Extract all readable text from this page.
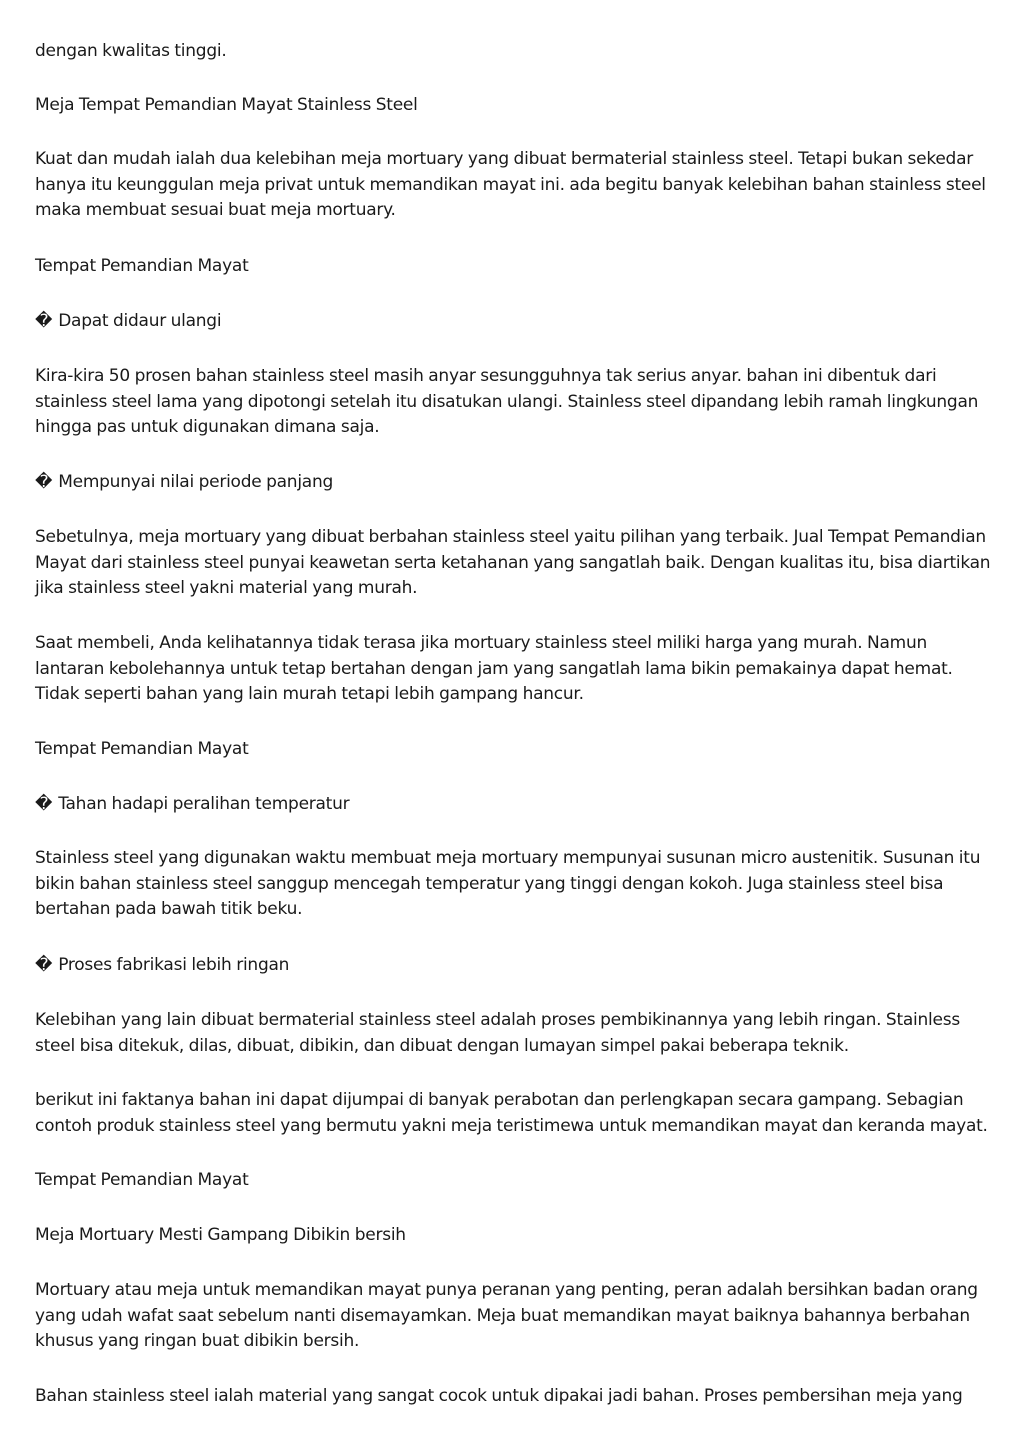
dengan kwalitas tinggi.

Meja Tempat Pemandian Mayat Stainless Steel

Kuat dan mudah ialah dua kelebihan meja mortuary yang dibuat bermaterial stainless steel. Tetapi bukan sekedar hanya itu keunggulan meja privat untuk memandikan mayat ini. ada begitu banyak kelebihan bahan stainless steel maka membuat sesuai buat meja mortuary.

Tempat Pemandian Mayat

� Dapat didaur ulangi

Kira-kira 50 prosen bahan stainless steel masih anyar sesungguhnya tak serius anyar. bahan ini dibentuk dari stainless steel lama yang dipotongi setelah itu disatukan ulangi. Stainless steel dipandang lebih ramah lingkungan hingga pas untuk digunakan dimana saja.

� Mempunyai nilai periode panjang

Sebetulnya, meja mortuary yang dibuat berbahan stainless steel yaitu pilihan yang terbaik. Jual Tempat Pemandian Mayat dari stainless steel punyai keawetan serta ketahanan yang sangatlah baik. Dengan kualitas itu, bisa diartikan jika stainless steel yakni material yang murah.

Saat membeli, Anda kelihatannya tidak terasa jika mortuary stainless steel miliki harga yang murah. Namun lantaran kebolehannya untuk tetap bertahan dengan jam yang sangatlah lama bikin pemakainya dapat hemat. Tidak seperti bahan yang lain murah tetapi lebih gampang hancur.

Tempat Pemandian Mayat

� Tahan hadapi peralihan temperatur

Stainless steel yang digunakan waktu membuat meja mortuary mempunyai susunan micro austenitik. Susunan itu bikin bahan stainless steel sanggup mencegah temperatur yang tinggi dengan kokoh. Juga stainless steel bisa bertahan pada bawah titik beku.

� Proses fabrikasi lebih ringan

Kelebihan yang lain dibuat bermaterial stainless steel adalah proses pembikinannya yang lebih ringan. Stainless steel bisa ditekuk, dilas, dibuat, dibikin, dan dibuat dengan lumayan simpel pakai beberapa teknik.

berikut ini faktanya bahan ini dapat dijumpai di banyak perabotan dan perlengkapan secara gampang. Sebagian contoh produk stainless steel yang bermutu yakni meja teristimewa untuk memandikan mayat dan keranda mayat.

Tempat Pemandian Mayat

Meja Mortuary Mesti Gampang Dibikin bersih

Mortuary atau meja untuk memandikan mayat punya peranan yang penting, peran adalah bersihkan badan orang yang udah wafat saat sebelum nanti disemayamkan. Meja buat memandikan mayat baiknya bahannya berbahan khusus yang ringan buat dibikin bersih.

Bahan stainless steel ialah material yang sangat cocok untuk dipakai jadi bahan. Proses pembersihan meja yang
